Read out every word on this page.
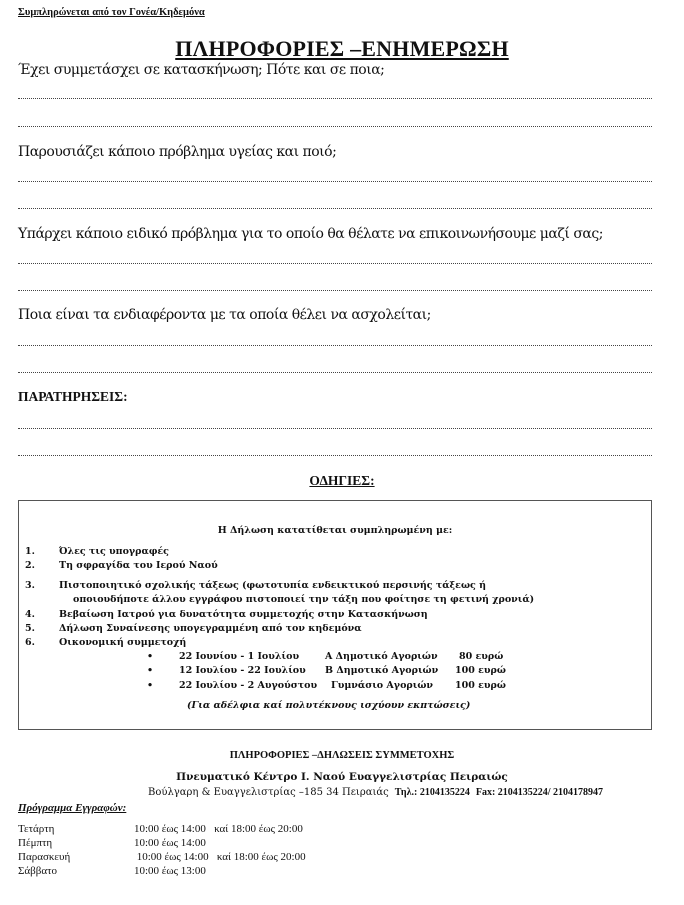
Συμπληρώνεται από τον Γονέα/Κηδεμόνα
ΠΛΗΡΟΦΟΡΙΕΣ –ΕΝΗΜΕΡΩΣΗ
Έχει συμμετάσχει σε κατασκήνωση; Πότε και σε ποια;
Παρουσιάζει κάποιο πρόβλημα υγείας και ποιό;
Υπάρχει κάποιο ειδικό πρόβλημα για το οποίο θα θέλατε να επικοινωνήσουμε μαζί σας;
Ποια είναι τα ενδιαφέροντα με τα οποία θέλει να ασχολείται;
ΠΑΡΑΤΗΡΗΣΕΙΣ:
ΟΔΗΓΙΕΣ:
Η Δήλωση κατατίθεται συμπληρωμένη με:
1.	Όλες τις υπογραφές
2.	Τη σφραγίδα του Ιερού Ναού
3.	Πιστοποιητικό σχολικής τάξεως (φωτοτυπία ενδεικτικού περσινής τάξεως ή
οποιουδήποτε άλλου εγγράφου πιστοποιεί την τάξη που φοίτησε τη φετινή χρονιά)
4.	Βεβαίωση Ιατρού για δυνατότητα συμμετοχής στην Κατασκήνωση
5.	Δήλωση Συναίνεσης υπογεγραμμένη από τον κηδεμόνα
6.	Οικονομική συμμετοχή
•	22 Ιουνίου - 1 Ιουλίου	Α Δημοτικό Αγοριών 80 ευρώ
•	12 Ιουλίου - 22 Ιουλίου Β Δημοτικό Αγοριών 100 ευρώ
•	22 Ιουλίου - 2 Αυγούστου Γυμνάσιο Αγοριών 100 ευρώ
(Για αδέλφια καί πολυτέκνους ισχύουν εκπτώσεις)
ΠΛΗΡΟΦΟΡΙΕΣ –ΔΗΛΩΣΕΙΣ ΣΥΜΜΕΤΟΧΗΣ
Πνευματικό Κέντρο Ι. Ναού Ευαγγελιστρίας Πειραιώς
Βούλγαρη & Ευαγγελιστρίας –185 34 Πειραιάς Τηλ.: 2104135224 Fax: 2104135224/ 2104178947
Πρόγραμμα Εγγραφών:
Τετάρτη	10:00 έως 14:00   καί 18:00 έως 20:00
Πέμπτη	10:00 έως 14:00
Παρασκευή	10:00 έως 14:00   καί 18:00 έως 20:00
Σάββατο	10:00 έως 13:00
